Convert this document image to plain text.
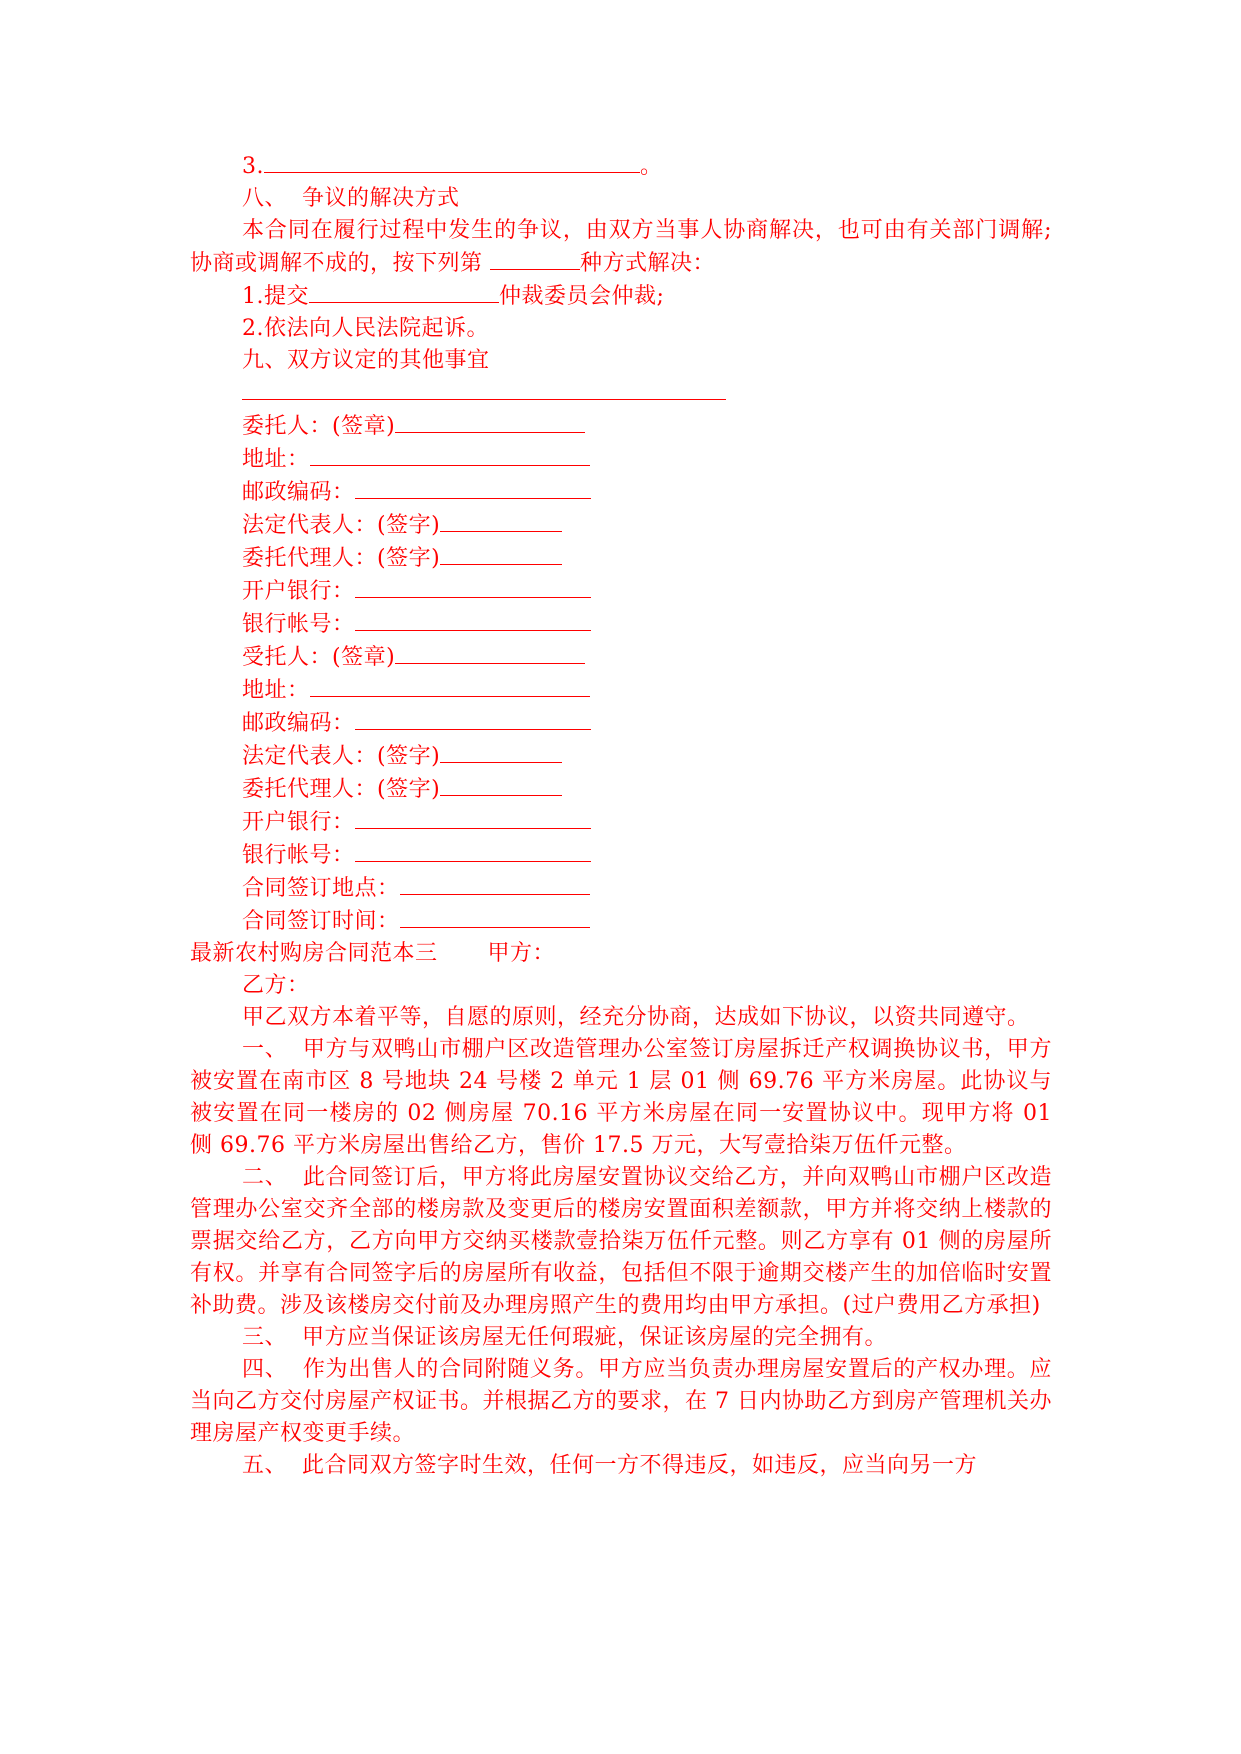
3.	。

八、  争议的解决方式

本合同在履行过程中发生的争议，由双方当事人协商解决，也可由有关部门调解;协商或调解不成的，按下列第	种方式解决：

1.提交	仲裁委员会仲裁;

2.依法向人民法院起诉。

九、双方议定的其他事宜

委托人：(签章)

地址：

邮政编码：

法定代表人：(签字)

委托代理人：(签字)

开户银行：

银行帐号：

受托人：(签章)

地址：

邮政编码：

法定代表人：(签字)

委托代理人：(签字)

开户银行：

银行帐号：

合同签订地点：

合同签订时间：

最新农村购房合同范本三 甲方：

乙方：

甲乙双方本着平等，自愿的原则，经充分协商，达成如下协议，以资共同遵守。

一、  甲方与双鸭山市棚户区改造管理办公室签订房屋拆迁产权调换协议书，甲方被安置在南市区 8 号地块 24 号楼 2 单元 1 层 01 侧 69.76 平方米房屋。此协议与被安置在同一楼房的 02 侧房屋 70.16 平方米房屋在同一安置协议中。现甲方将 01 侧 69.76 平方米房屋出售给乙方，售价 17.5 万元，大写壹拾柒万伍仟元整。

二、  此合同签订后，甲方将此房屋安置协议交给乙方，并向双鸭山市棚户区改造管理办公室交齐全部的楼房款及变更后的楼房安置面积差额款，甲方并将交纳上楼款的票据交给乙方，乙方向甲方交纳买楼款壹拾柒万伍仟元整。则乙方享有 01 侧的房屋所有权。并享有合同签字后的房屋所有收益，包括但不限于逾期交楼产生的加倍临时安置补助费。涉及该楼房交付前及办理房照产生的费用均由甲方承担。(过户费用乙方承担)

三、  甲方应当保证该房屋无任何瑕疵，保证该房屋的完全拥有。

四、  作为出售人的合同附随义务。甲方应当负责办理房屋安置后的产权办理。应当向乙方交付房屋产权证书。并根据乙方的要求，在 7 日内协助乙方到房产管理机关办理房屋产权变更手续。

五、  此合同双方签字时生效，任何一方不得违反，如违反，应当向另一方
